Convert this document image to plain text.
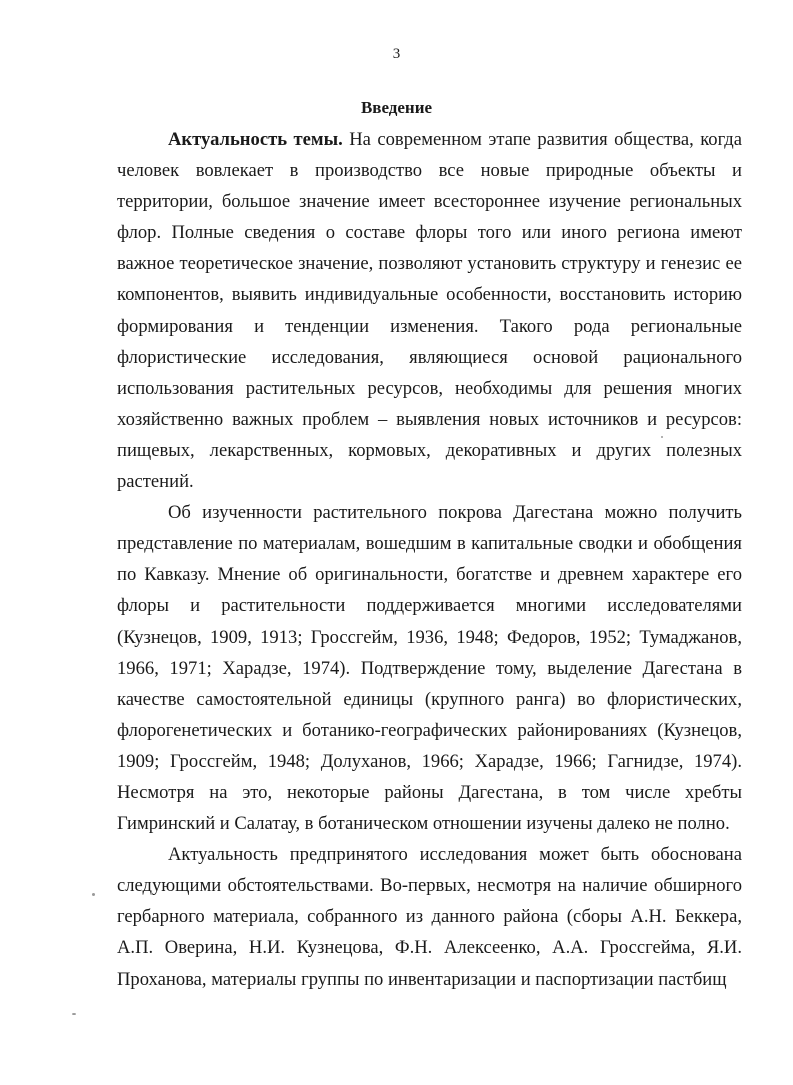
3
Введение

Актуальность темы. На современном этапе развития общества, когда человек вовлекает в производство все новые природные объекты и территории, большое значение имеет всестороннее изучение региональных флор. Полные сведения о составе флоры того или иного региона имеют важное теоретическое значение, позволяют установить структуру и генезис ее компонентов, выявить индивидуальные особенности, восстановить историю формирования и тенденции изменения. Такого рода региональные флористические исследования, являющиеся основой рационального использования растительных ресурсов, необходимы для решения многих хозяйственно важных проблем – выявления новых источников и ресурсов: пищевых, лекарственных, кормовых, декоративных и других полезных растений.

Об изученности растительного покрова Дагестана можно получить представление по материалам, вошедшим в капитальные сводки и обобщения по Кавказу. Мнение об оригинальности, богатстве и древнем характере его флоры и растительности поддерживается многими исследователями (Кузнецов, 1909, 1913; Гроссгейм, 1936, 1948; Федоров, 1952; Тумаджанов, 1966, 1971; Харадзе, 1974). Подтверждение тому, выделение Дагестана в качестве самостоятельной единицы (крупного ранга) во флористических, флорогенетических и ботанико-географических районированиях (Кузнецов, 1909; Гроссгейм, 1948; Долуханов, 1966; Харадзе, 1966; Гагнидзе, 1974). Несмотря на это, некоторые районы Дагестана, в том числе хребты Гимринский и Салатау, в ботаническом отношении изучены далеко не полно.

Актуальность предпринятого исследования может быть обоснована следующими обстоятельствами. Во-первых, несмотря на наличие обширного гербарного материала, собранного из данного района (сборы А.Н. Беккера, А.П. Оверина, Н.И. Кузнецова, Ф.Н. Алексеенко, А.А. Гроссгейма, Я.И. Проханова, материалы группы по инвентаризации и паспортизации пастбищ
